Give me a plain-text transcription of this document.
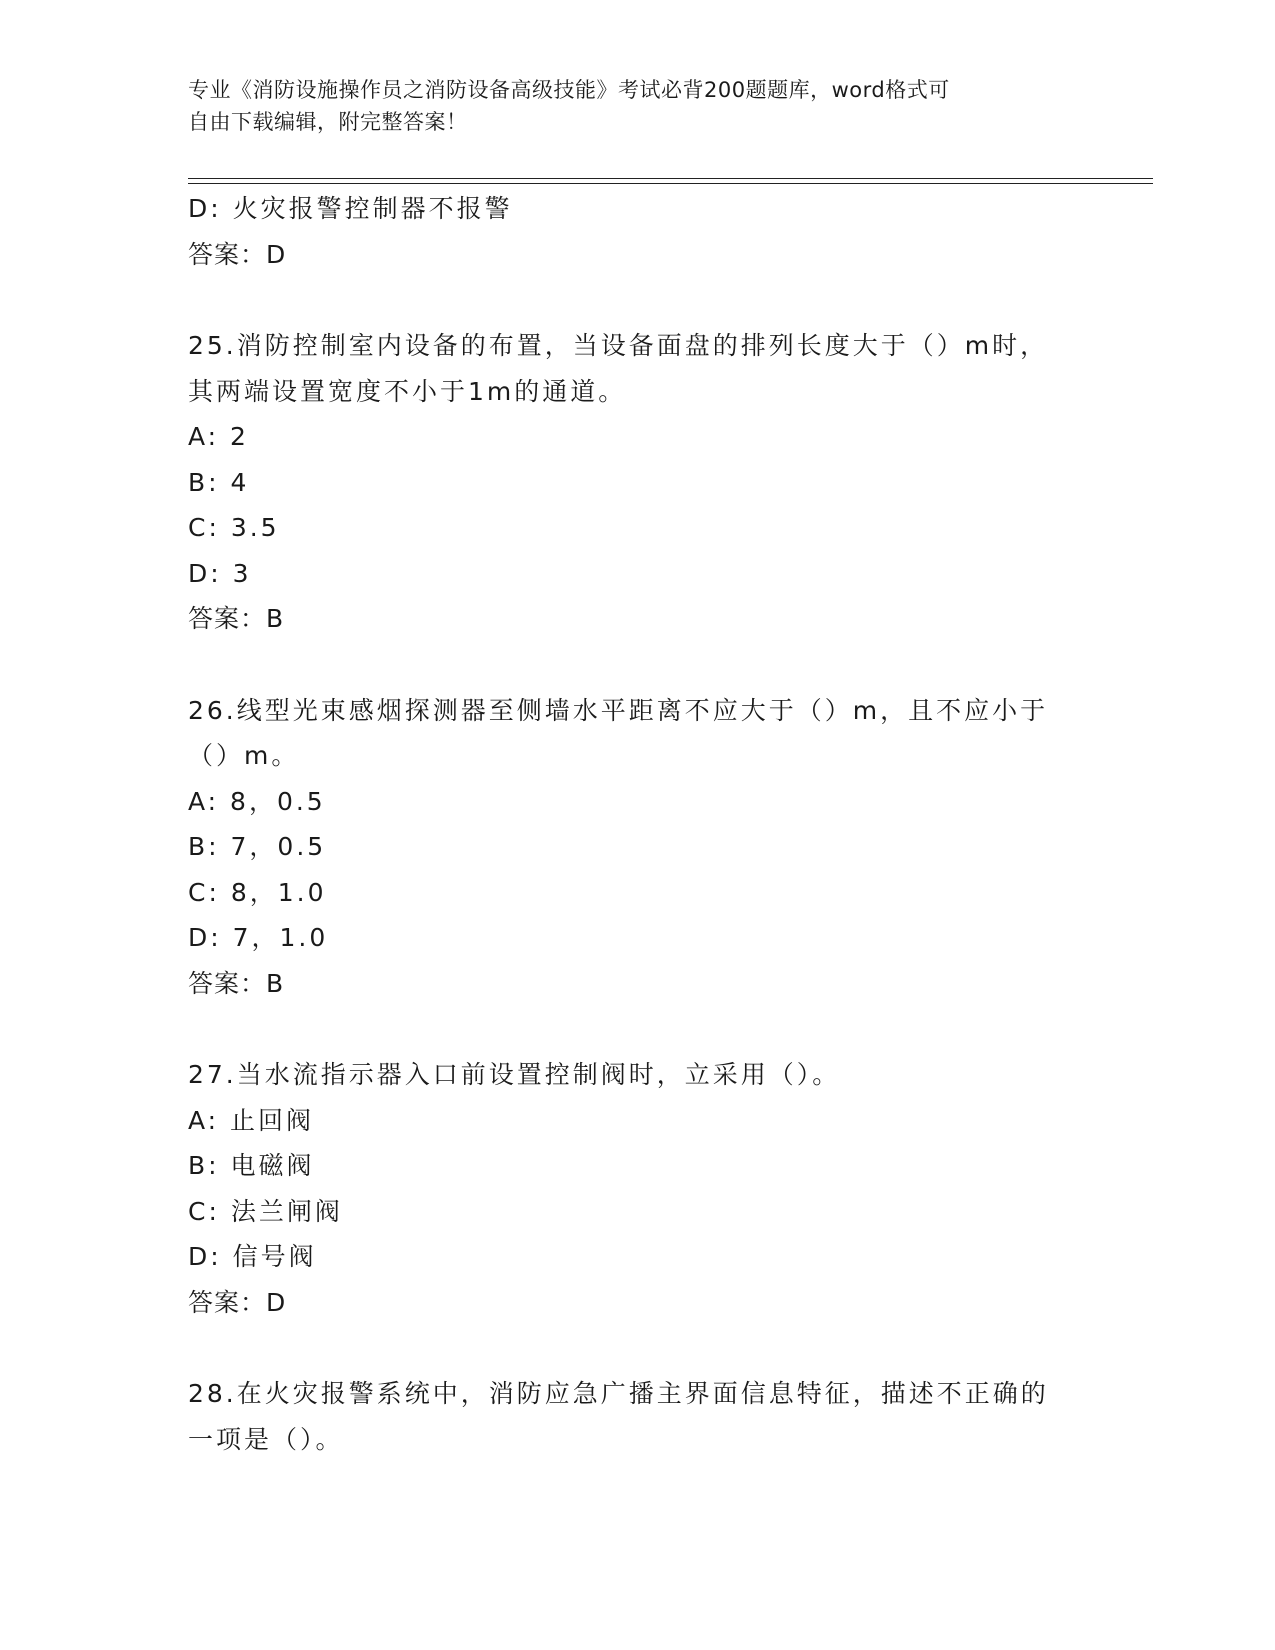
专业《消防设施操作员之消防设备高级技能》考试必背200题题库，word格式可
自由下载编辑，附完整答案！
D: 火灾报警控制器不报警
答案：D
25.消防控制室内设备的布置，当设备面盘的排列长度大于（）m时，
其两端设置宽度不小于1m的通道。
A: 2
B: 4
C: 3.5
D: 3
答案：B
26.线型光束感烟探测器至侧墙水平距离不应大于（）m，且不应小于
（）m。
A: 8，0.5
B: 7，0.5
C: 8，1.0
D: 7，1.0
答案：B
27.当水流指示器入口前设置控制阀时，立采用（）。
A: 止回阀
B: 电磁阀
C: 法兰闸阀
D: 信号阀
答案：D
28.在火灾报警系统中，消防应急广播主界面信息特征，描述不正确的
一项是（）。
